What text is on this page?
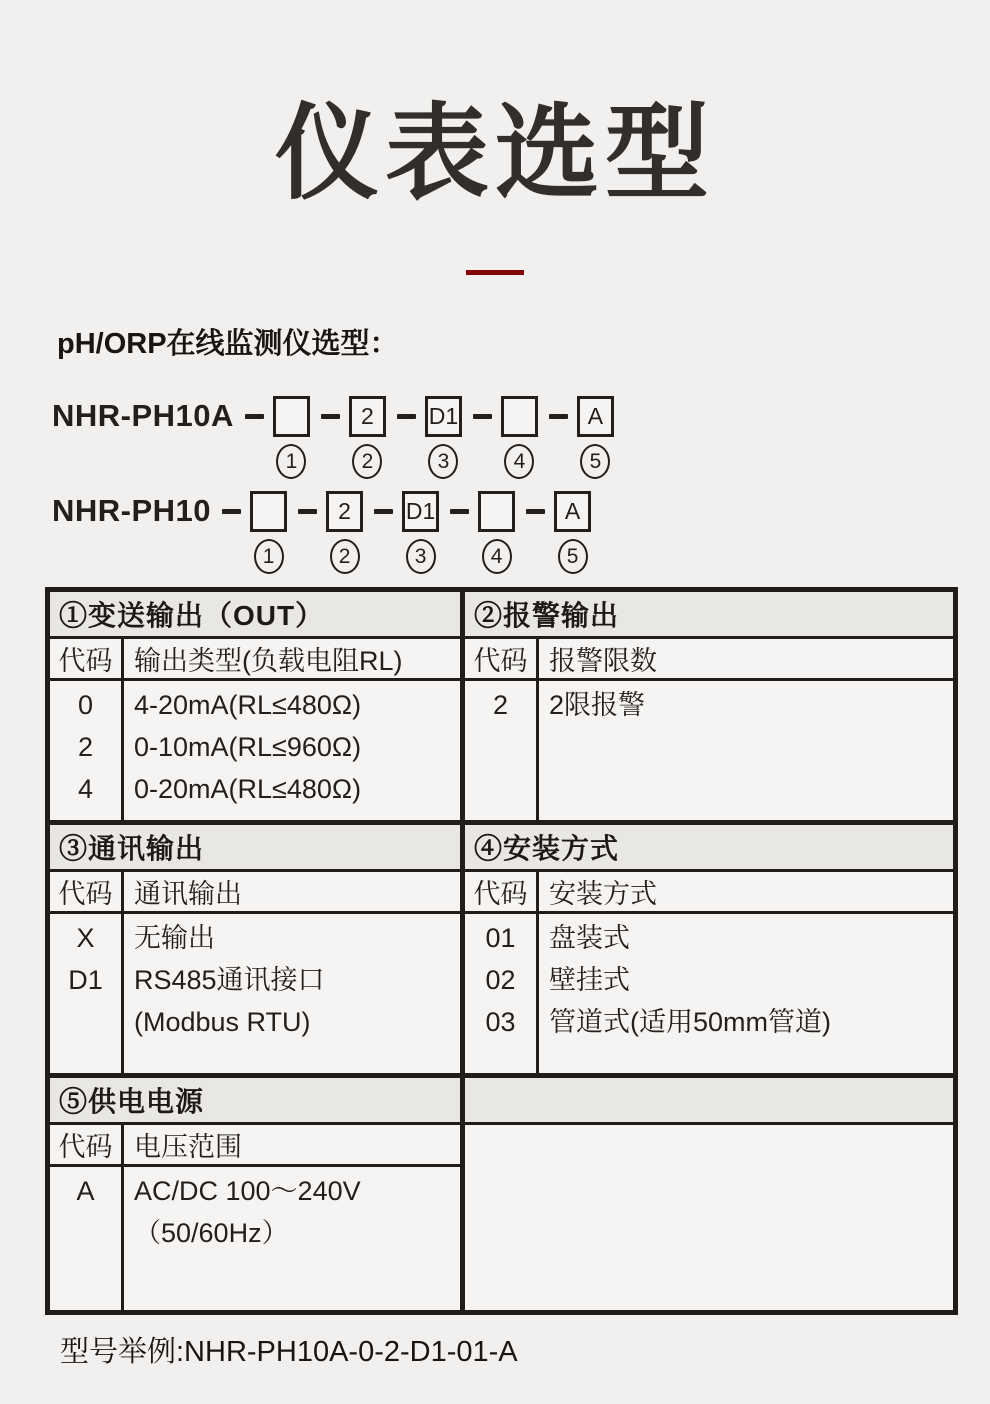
仪表选型
pH/ORP在线监测仪选型：
NHR-PH10A
1
2
2
D1
3	4
A
5
NHR-PH10
1
2
2
D1
3	4
A
5
①变送输出（OUT）
代码 输出类型(负载电阻RL)
0
2
4
4-20mA(RL≤480Ω)
0-10mA(RL≤960Ω)
0-20mA(RL≤480Ω)
②报警输出
代码 报警限数
2 2限报警
③通讯输出
代码 通讯输出
X
D1
无输出
RS485通讯接口
(Modbus RTU)
④安装方式
代码 安装方式
01
02
03
盘装式
壁挂式
管道式(适用50mm管道)
⑤供电电源
代码 电压范围
A AC/DC 100～240V
（50/60Hz）
型号举例:NHR-PH10A-0-2-D1-01-A
